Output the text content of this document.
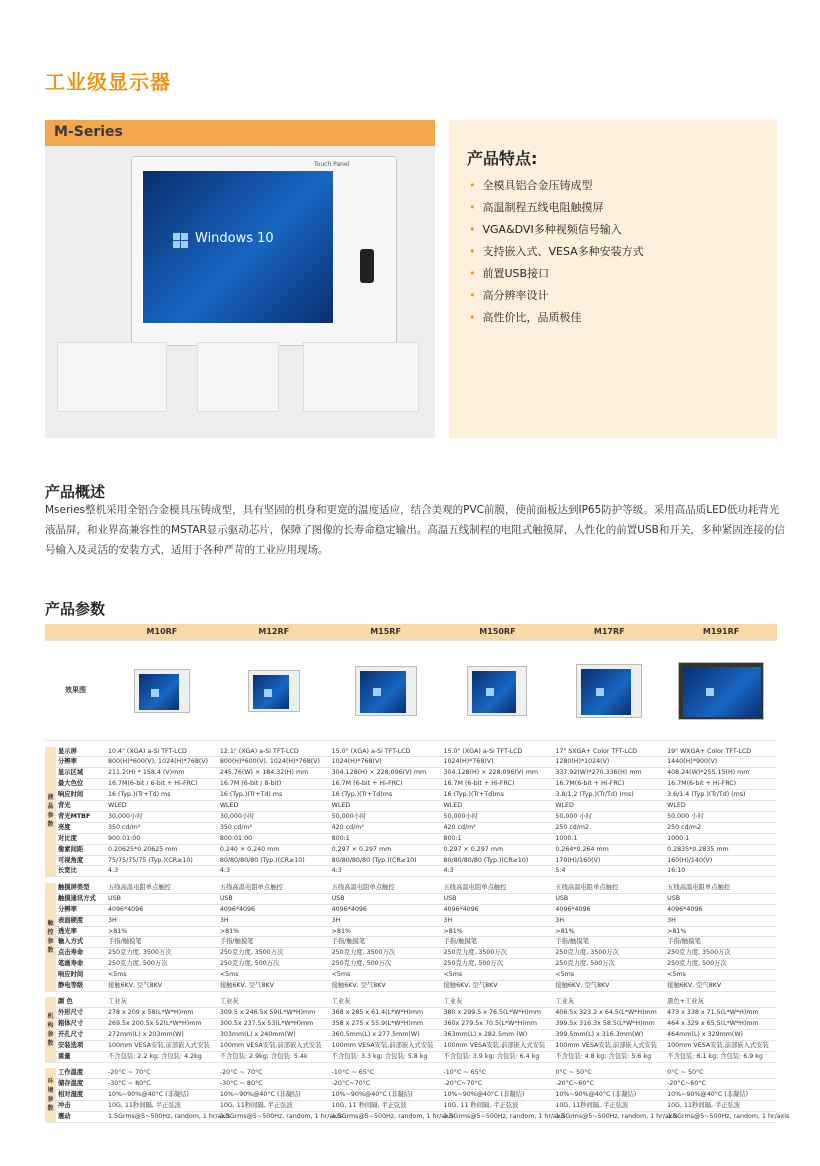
工业级显示器
M-Series
Touch Panel
Windows 10
产品特点:
• 全模具铝合金压铸成型
• 高温制程五线电阻触摸屏
• VGA&DVI多种视频信号输入
• 支持嵌入式、VESA多种安装方式
• 前置USB接口
• 高分辨率设计
• 高性价比，品质极佳
产品概述
Mseries整机采用全铝合金模具压铸成型，具有坚固的机身和更宽的温度适应，结合美观的PVC前膜，使前面板达到IP65防护等级。采用高品质LED低功耗背光液晶屏，和业界高兼容性的MSTAR显示驱动芯片，保障了图像的长寿命稳定输出。高温五线制程的电阻式触摸屏，人性化的前置USB和开关，多种紧固连接的信号输入及灵活的安装方式，适用于各种严苛的工业应用现场。
产品参数
		M10RF	M12RF	M15RF	M150RF	M17RF	M191RF
效果图		

液晶参数	显示屏	10.4" (XGA) a-Si TFT-LCD	12.1" (XGA) a-Si TFT-LCD	15.0" (XGA) a-Si TFT-LCD	15.0" (XGA) a-Si TFT-LCD	17" SXGA+ Color TFT-LCD	19" WXGA+ Color TFT-LCD
	分辨率	800(H)*600(V), 1024(H)*768(V)	800(H)*600(V), 1024(H)*768(V)	1024(H)*768(V)	1024(H)*768(V)	1280(H)*1024(V)	1440(H)*900(V)
	显示区域	211.2(H) * 158.4 (V)mm	245.76(W) × 184.32(H) mm	304.128(H) × 228.096(V) mm	304.128(H) × 228.096(V) mm	337.92(W)*270.336(H) mm	408.24(W)*255.15(H) mm
	最大色位	16.7M(6-bit / 6-bit + Hi-FRC)	16.7M (6-bit / 8-bit)	16.7M (6-bit + Hi-FRC)	16.7M (6-bit + Hi-FRC)	16.7M(6-bit + Hi-FRC)	16.7M(6-bit + Hi-FRC)
	响应时间	16 (Typ.)(Tr+Td) ms	16 (Typ.)(Tr+Td) ms	16 (Typ.)(Tr+Td)ms	16 (Typ.)(Tr+Td)ms	3.8/1.2 (Typ.)(Tr/Td) (ms)	3.6/1.4 (Typ.)(Tr/Td) (ms)
	背光	WLED	WLED	WLED	WLED	WLED	WLED
	背光MTBF	30,000小时	30,000小时	50,000小时	50,000小时	50,000 小时	50,000 小时
	亮度	350 cd/m²	350 cd/m²	420 cd/m²	420 cd/m²	250 cd/m2	250 cd/m2
	对比度	900:01:00	800:01:00	800:1	800:1	1000:1	1000:1
	像素间距	0.20625*0.20625 mm	0.240 × 0.240 mm	0.297 × 0.297 mm	0.297 × 0.297 mm	0.264*0.264 mm	0.2835*0.2835 mm
	可视角度	75/75/75/75 (Typ.)(CR≥10)	80/80/80/80 (Typ.)(CR≥10)	80/80/80/80 (Typ.)(CR≥10)	80/80/80/80 (Typ.)(CR≥10)	170(H)/160(V)	160(H)/140(V)
	长宽比	4:3	4:3	4:3	4:3	5:4	16:10

触控参数	触摸屏类型	五线高温电阻单点触控	五线高温电阻单点触控	五线高温电阻单点触控	五线高温电阻单点触控	五线高温电阻单点触控	五线高温电阻单点触控
	触摸通讯方式	USB	USB	USB	USB	USB	USB
	分辨率	4096*4096	4096*4096	4096*4096	4096*4096	4096*4096	4096*4096
	表面硬度	3H	3H	3H	3H	3H	3H
	透光率	>81%	>81%	>81%	>81%	>81%	>81%
	输入方式	手指/触摸笔	手指/触摸笔	手指/触摸笔	手指/触摸笔	手指/触摸笔	手指/触摸笔
	点击寿命	250克力度, 3500万次	250克力度, 3500万次	250克力度, 3500万次	250克力度, 3500万次	250克力度, 3500万次	250克力度, 3500万次
	笔画寿命	250克力度, 500万次	250克力度, 500万次	250克力度, 500万次	250克力度, 500万次	250克力度, 500万次	250克力度, 500万次
	响应时间	<5ms	<5ms	<5ms	<5ms	<5ms	<5ms
	静电等级	接触6KV, 空气8KV	接触6KV, 空气8KV	接触6KV, 空气8KV	接触6KV, 空气8KV	接触6KV, 空气8KV	接触6KV, 空气8KV

机构参数	颜 色	工业灰	工业灰	工业灰	工业灰	工业灰	黑色+工业灰
	外形尺寸	278 x 209 x 58(L*W*H)mm	309.5 x 246.5x 59(L*W*H)mm	368 x 285 x 61.4(L*W*H)mm	380 x 299.5 x 76.5(L*W*H)mm	406.5x 323.2 x 64.5(L*W*H)mm	473 x 338 x 71.5(L*W*H)mm
	箱体尺寸	269.5x 200.5x 52(L*W*H)mm	300.5x 237.5x 53(L*W*H)mm	358 x 275 x 55.9(L*W*H)mm	360x 279.5x 70.5(L*W*H)mm	399.5x 316.3x 58.5(L*W*H)mm	464 x 329 x 65.5(L*W*H)mm
	开孔尺寸	272mm(L) x 203mm(W)	303mm(L) x 240mm(W)	360.5mm(L) x 277.5mm(W)	363mm(L) x 282.5mm (W)	399.5mm(L) x 316.3mm(W)	464mm(L) x 329mm(W)
	安装选项	100mm VESA安装,前部嵌入式安装	100mm VESA安装,前部嵌入式安装	100mm VESA安装,前部嵌入式安装	100mm VESA安装,前部嵌入式安装	100mm VESA安装,前部嵌入式安装	100mm VESA安装,前部嵌入式安装
	重量	不含包装: 2.2 kg; 含包装: 4.2kg	不含包装: 2.9kg; 含包装: 5.4k	不含包装: 3.3 kg; 含包装: 5.8 kg	不含包装: 3.9 kg; 含包装: 6.4 kg	不含包装: 4.8 kg; 含包装: 5.6 kg	不含包装: 6.1 kg; 含包装: 6.9 kg

环境参数	工作温度	-20°C ~ 70°C	-20°C ~ 70°C	-10°C ~ 65°C	-10°C ~ 65°C	0°C ~ 50°C	0°C ~ 50°C
	储存温度	-30°C ~ 80°C	-30°C ~ 80°C	-20°C~70°C	-20°C~70°C	-20°C~60°C	-20°C~60°C
	相对湿度	10%~90%@40°C (非凝结)	10%~90%@40°C (非凝结)	10%~90%@40°C (非凝结)	10%~90%@40°C (非凝结)	10%~90%@40°C (非凝结)	10%~90%@40°C (非凝结)
	冲击	10G, 11秒间隔, 半正弦波	10G, 11秒间隔, 半正弦波	10G, 11 秒间隔, 半正弦波	10G, 11 秒间隔, 半正弦波	10G, 11秒间隔, 半正弦波	10G, 11秒间隔, 半正弦波
	震动	1.5Grms@5~500Hz, random, 1 hr/axis	1.5Grms@5~500Hz, random, 1 hr/axis	1.5Grms@5~500Hz, random, 1 hr/axis	1.5Grms@5~500Hz, random, 1 hr/axis	1.5Grms@5~500Hz, random, 1 hr/axis	1.5Grms@5~500Hz, random, 1 hr/axis
